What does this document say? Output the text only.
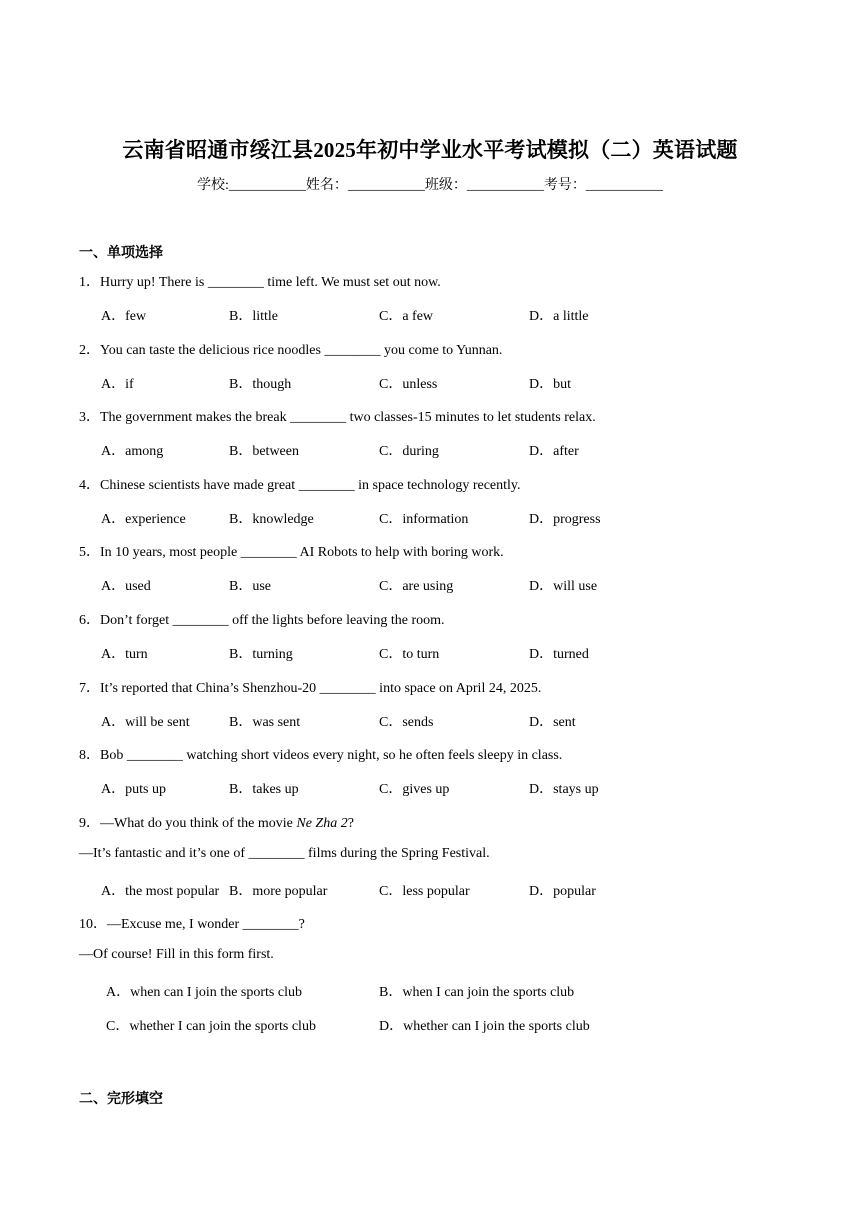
云南省昭通市绥江县2025年初中学业水平考试模拟（二）英语试题
学校:___________姓名：___________班级：___________考号：___________
一、单项选择
1．Hurry up! There is ________ time left. We must set out now.
A．few	B．little	C．a few	D．a little
2．You can taste the delicious rice noodles ________ you come to Yunnan.
A．if	B．though	C．unless	D．but
3．The government makes the break ________ two classes-15 minutes to let students relax.
A．among	B．between	C．during	D．after
4．Chinese scientists have made great ________ in space technology recently.
A．experience	B．knowledge	C．information	D．progress
5．In 10 years, most people ________ AI Robots to help with boring work.
A．used	B．use	C．are using	D．will use
6．Don’t forget ________ off the lights before leaving the room.
A．turn	B．turning	C．to turn	D．turned
7．It’s reported that China’s Shenzhou-20 ________ into space on April 24, 2025.
A．will be sent	B．was sent	C．sends	D．sent
8．Bob ________ watching short videos every night, so he often feels sleepy in class.
A．puts up	B．takes up	C．gives up	D．stays up
9．—What do you think of the movie Ne Zha 2?
—It’s fantastic and it’s one of ________ films during the Spring Festival.
A．the most popular B．more popular	C．less popular	D．popular
10．—Excuse me, I wonder ________?
—Of course! Fill in this form first.
A．when can I join the sports club	B．when I can join the sports club
C．whether I can join the sports club	D．whether can I join the sports club
二、完形填空
